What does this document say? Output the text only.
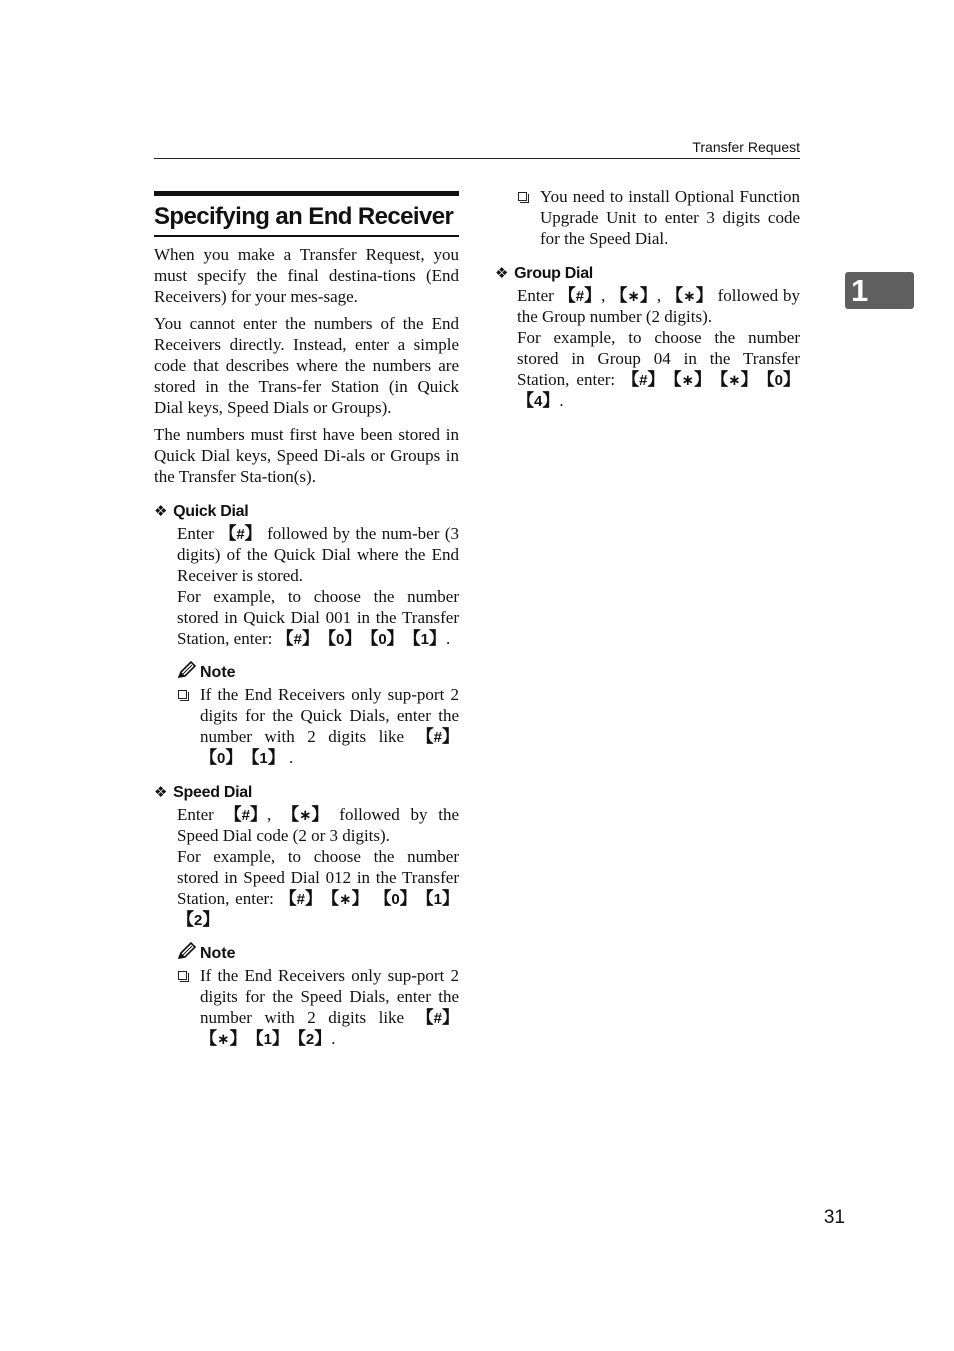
Transfer Request
1
31
Specifying an End Receiver

When you make a Transfer Request, you must specify the final destina-tions (End Receivers) for your mes-sage.

You cannot enter the numbers of the End Receivers directly. Instead, enter a simple code that describes where the numbers are stored in the Trans-fer Station (in Quick Dial keys, Speed Dials or Groups).

The numbers must first have been stored in Quick Dial keys, Speed Di-als or Groups in the Transfer Sta-tion(s).

❖ Quick Dial
Enter 【#】 followed by the num-ber (3 digits) of the Quick Dial where the End Receiver is stored.
For example, to choose the number stored in Quick Dial 001 in the Transfer Station, enter: 【#】【0】【0】【1】.
Note
If the End Receivers only sup-port 2 digits for the Quick Dials, enter the number with 2 digits like 【#】【0】【1】 .
❖ Speed Dial
Enter 【#】, 【∗】 followed by the Speed Dial code (2 or 3 digits).
For example, to choose the number stored in Speed Dial 012 in the Transfer Station, enter: 【#】【∗】 【0】【1】【2】
Note
If the End Receivers only sup-port 2 digits for the Speed Dials, enter the number with 2 digits like 【#】【∗】【1】【2】.
You need to install Optional Function Upgrade Unit to enter 3 digits code for the Speed Dial.
❖ Group Dial
Enter 【#】, 【∗】, 【∗】 followed by the Group number (2 digits).
For example, to choose the number stored in Group 04 in the Transfer Station, enter: 【#】【∗】【∗】【0】 【4】.
